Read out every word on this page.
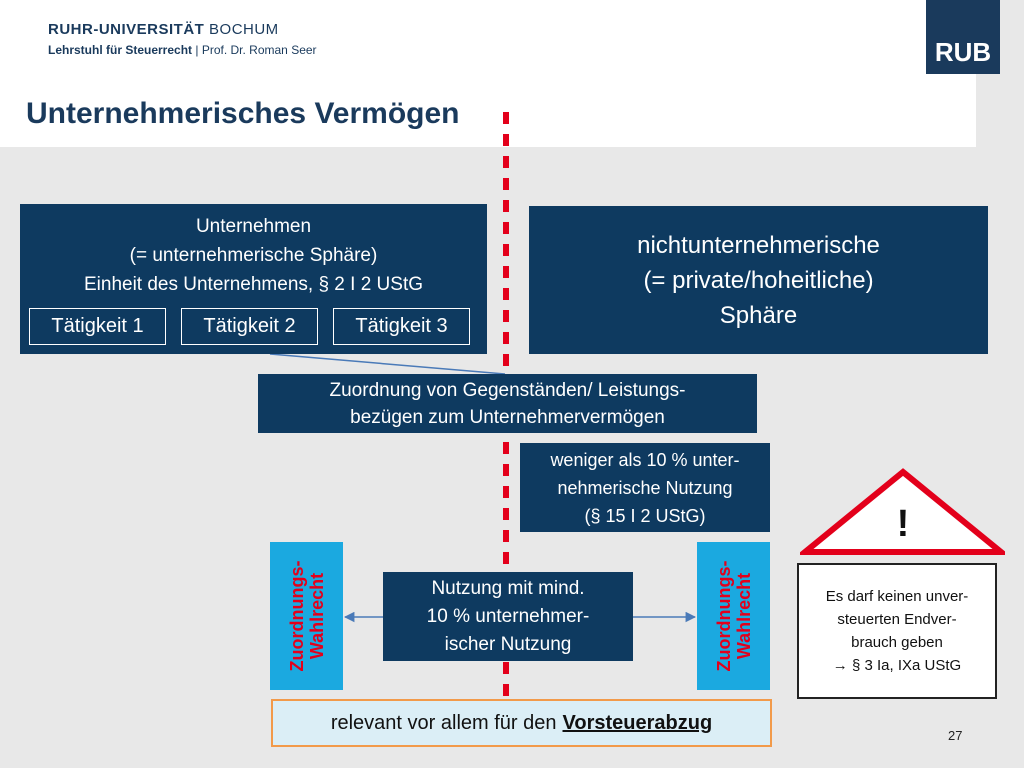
RUHR-UNIVERSITÄT BOCHUM
Lehrstuhl für Steuerrecht | Prof. Dr. Roman Seer	RUB
Unternehmerisches Vermögen
Unternehmen
(= unternehmerische Sphäre)
Einheit des Unternehmens, § 2 I 2 UStG
Tätigkeit 1	Tätigkeit 2	Tätigkeit 3
nichtunternehmerische
(= private/hoheitliche)
Sphäre
Zuordnung von Gegenständen/ Leistungs-
bezügen zum Unternehmervermögen
weniger als 10 % unter-
nehmerische Nutzung
(§ 15 I 2 UStG)
Nutzung mit mind.
10 % unternehmer-
ischer Nutzung
Zuordnungs- Wahlrecht	Zuordnungs- Wahlrecht
!
Es darf keinen unver-
steuerten Endver-
brauch geben
→ § 3 Ia, IXa UStG
relevant vor allem für den Vorsteuerabzug
27
